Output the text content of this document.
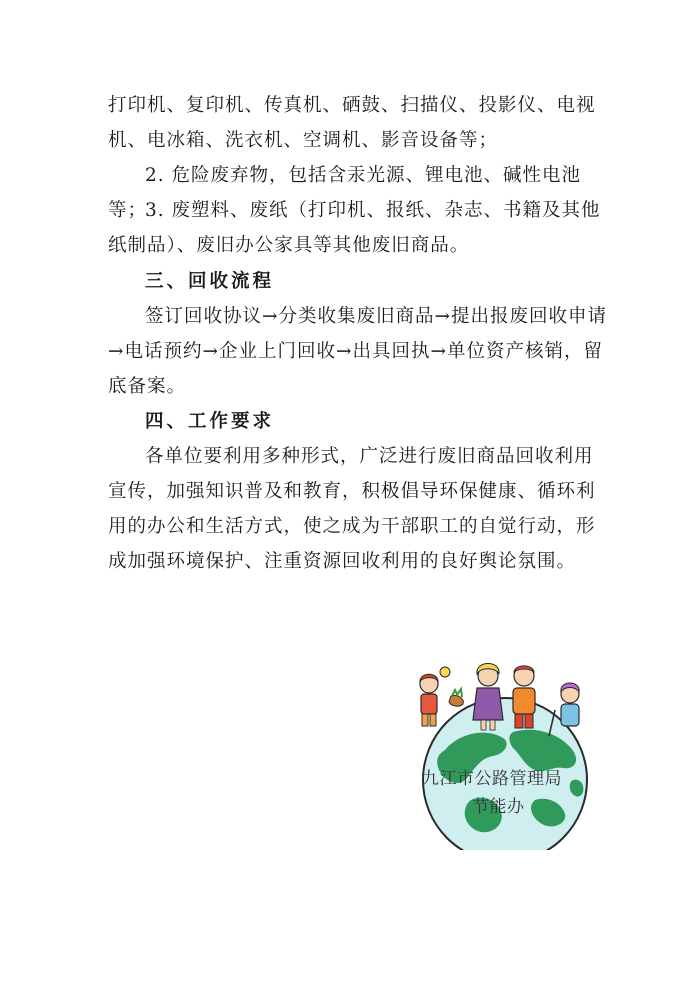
打印机、复印机、传真机、硒鼓、扫描仪、投影仪、电视机、电冰箱、洗衣机、空调机、影音设备等；
2. 危险废弃物，包括含汞光源、锂电池、碱性电池等；
3. 废塑料、废纸（打印机、报纸、杂志、书籍及其他纸制品）、废旧办公家具等其他废旧商品。
三、回收流程
签订回收协议→分类收集废旧商品→提出报废回收申请→电话预约→企业上门回收→出具回执→单位资产核销，留底备案。
四、工作要求
各单位要利用多种形式，广泛进行废旧商品回收利用宣传，加强知识普及和教育，积极倡导环保健康、循环利用的办公和生活方式，使之成为干部职工的自觉行动，形成加强环境保护、注重资源回收利用的良好舆论氛围。
九江市公路管理局
节能办
